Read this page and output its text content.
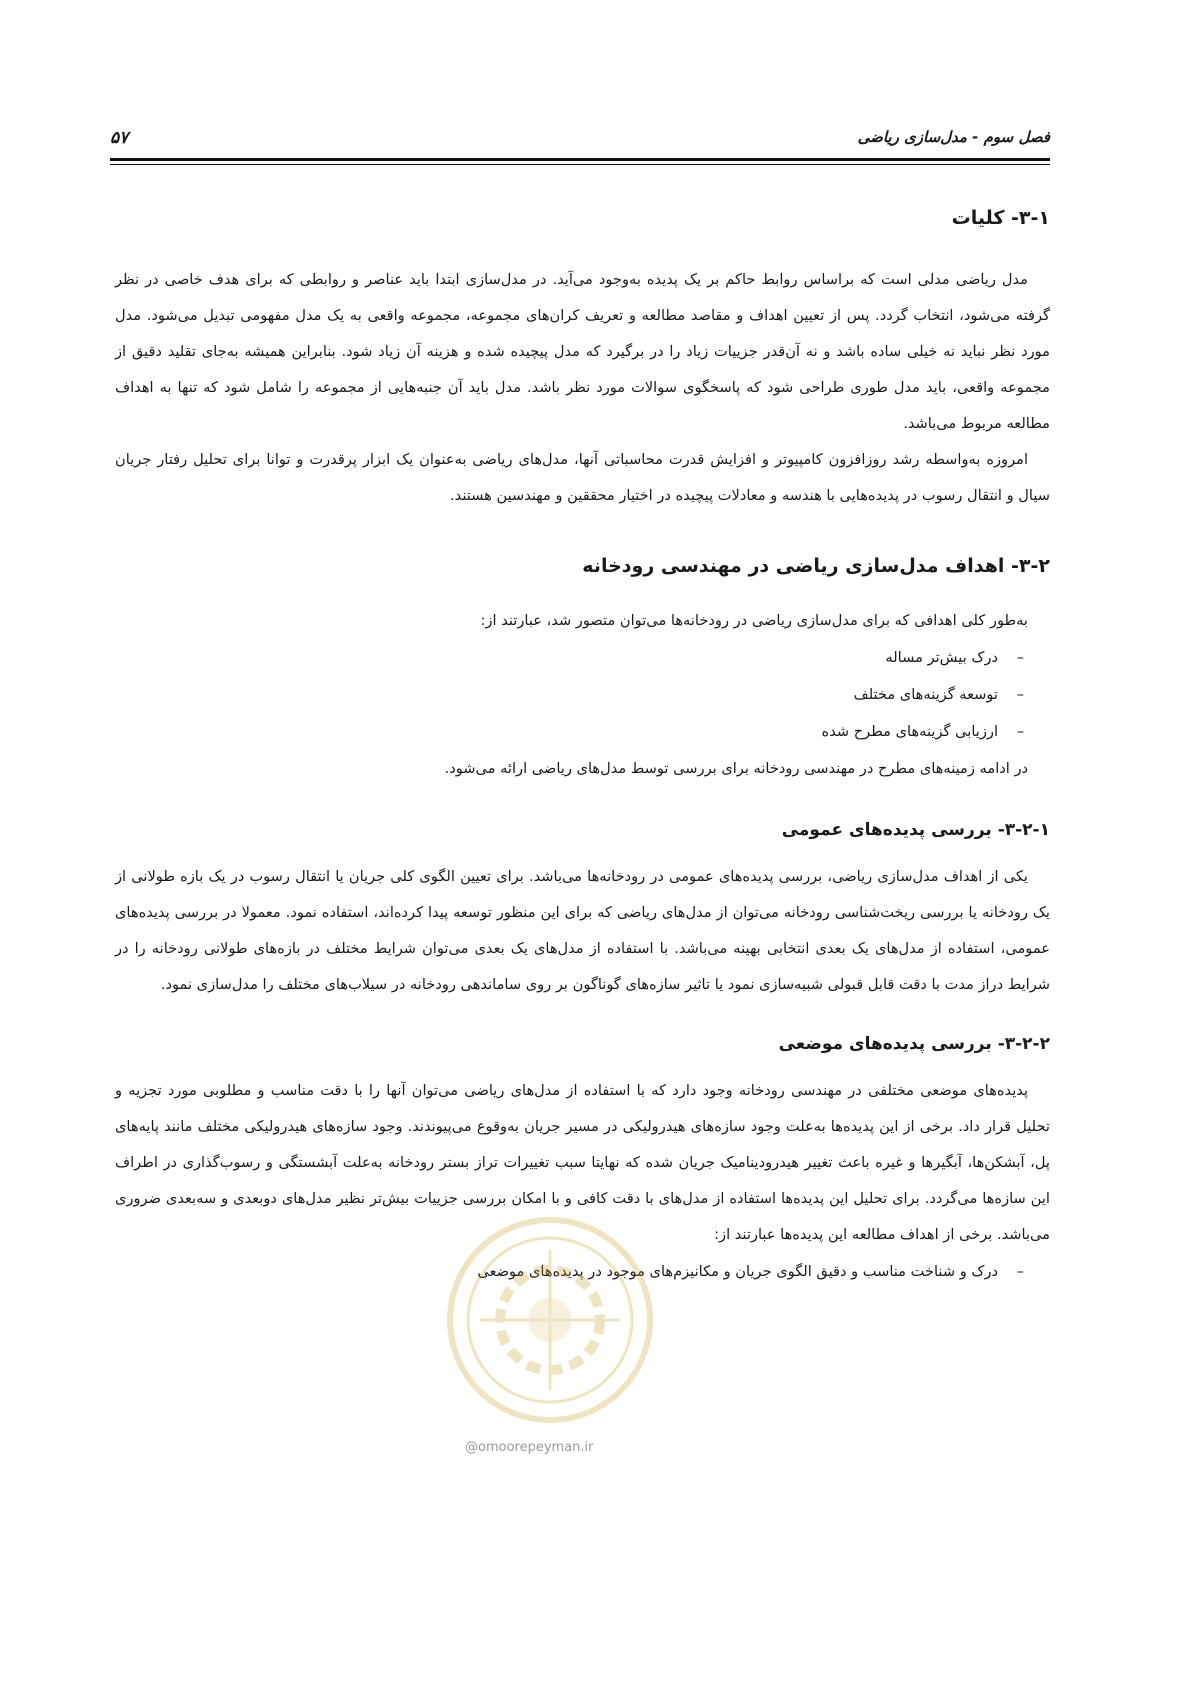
فصل سوم - مدل‌سازی ریاضی
۵۷
۳-۱- کلیات

مدل ریاضی مدلی است که براساس روابط حاکم بر یک پدیده به‌وجود می‌آید. در مدل‌سازی ابتدا باید عناصر و روابطی که برای هدف خاصی در نظر گرفته می‌شود، انتخاب گردد. پس از تعیین اهداف و مقاصد مطالعه و تعریف کران‌های مجموعه، مجموعه واقعی به یک مدل مفهومی تبدیل می‌شود. مدل مورد نظر نباید نه خیلی ساده باشد و نه آن‌قدر جزییات زیاد را در برگیرد که مدل پیچیده شده و هزینه آن زیاد شود. بنابراین همیشه به‌جای تقلید دقیق از مجموعه واقعی، باید مدل طوری طراحی شود که پاسخگوی سوالات مورد نظر باشد. مدل باید آن جنبه‌هایی از مجموعه را شامل شود که تنها به اهداف مطالعه مربوط می‌باشد.

امروزه به‌واسطه رشد روزافزون کامپیوتر و افزایش قدرت محاسباتی آنها، مدل‌های ریاضی به‌عنوان یک ابزار پرقدرت و توانا برای تحلیل رفتار جریان سیال و انتقال رسوب در پدیده‌هایی با هندسه و معادلات پیچیده در اختیار محققین و مهندسین هستند.

۳-۲- اهداف مدل‌سازی ریاضی در مهندسی رودخانه
به‌طور کلی اهدافی که برای مدل‌سازی ریاضی در رودخانه‌ها می‌توان متصور شد، عبارتند از:
– درک بیش‌تر مساله
– توسعه گزینه‌های مختلف
– ارزیابی گزینه‌های مطرح شده
در ادامه زمینه‌های مطرح در مهندسی رودخانه برای بررسی توسط مدل‌های ریاضی ارائه می‌شود.
۳-۲-۱- بررسی پدیده‌های عمومی

یکی از اهداف مدل‌سازی ریاضی، بررسی پدیده‌های عمومی در رودخانه‌ها می‌باشد. برای تعیین الگوی کلی جریان یا انتقال رسوب در یک بازه طولانی از یک رودخانه یا بررسی ریخت‌شناسی رودخانه می‌توان از مدل‌های ریاضی که برای این منظور توسعه پیدا کرده‌اند، استفاده نمود. معمولا در بررسی پدیده‌های عمومی، استفاده از مدل‌های یک بعدی انتخابی بهینه می‌باشد. با استفاده از مدل‌های یک بعدی می‌توان شرایط مختلف در بازه‌های طولانی رودخانه را در شرایط دراز مدت با دقت قابل قبولی شبیه‌سازی نمود یا تاثیر سازه‌های گوناگون بر روی ساماندهی رودخانه در سیلاب‌های مختلف را مدل‌سازی نمود.

۳-۲-۲- بررسی پدیده‌های موضعی

پدیده‌های موضعی مختلفی در مهندسی رودخانه وجود دارد که با استفاده از مدل‌های ریاضی می‌توان آنها را با دقت مناسب و مطلوبی مورد تجزیه و تحلیل قرار داد. برخی از این پدیده‌ها به‌علت وجود سازه‌های هیدرولیکی در مسیر جریان به‌وقوع می‌پیوندند. وجود سازه‌های هیدرولیکی مختلف مانند پایه‌های پل، آبشکن‌ها، آبگیرها و غیره باعث تغییر هیدرودینامیک جریان شده که نهایتا سبب تغییرات تراز بستر رودخانه به‌علت آبشستگی و رسوب‌گذاری در اطراف این سازه‌ها می‌گردد. برای تحلیل این پدیده‌ها استفاده از مدل‌های با دقت کافی و با امکان بررسی جزییات بیش‌تر نظیر مدل‌های دوبعدی و سه‌بعدی ضروری می‌باشد. برخی از اهداف مطالعه این پدیده‌ها عبارتند از:

– درک و شناخت مناسب و دقیق الگوی جریان و مکانیزم‌های موجود در پدیده‌های موضعی
@omoorepeyman.ir
